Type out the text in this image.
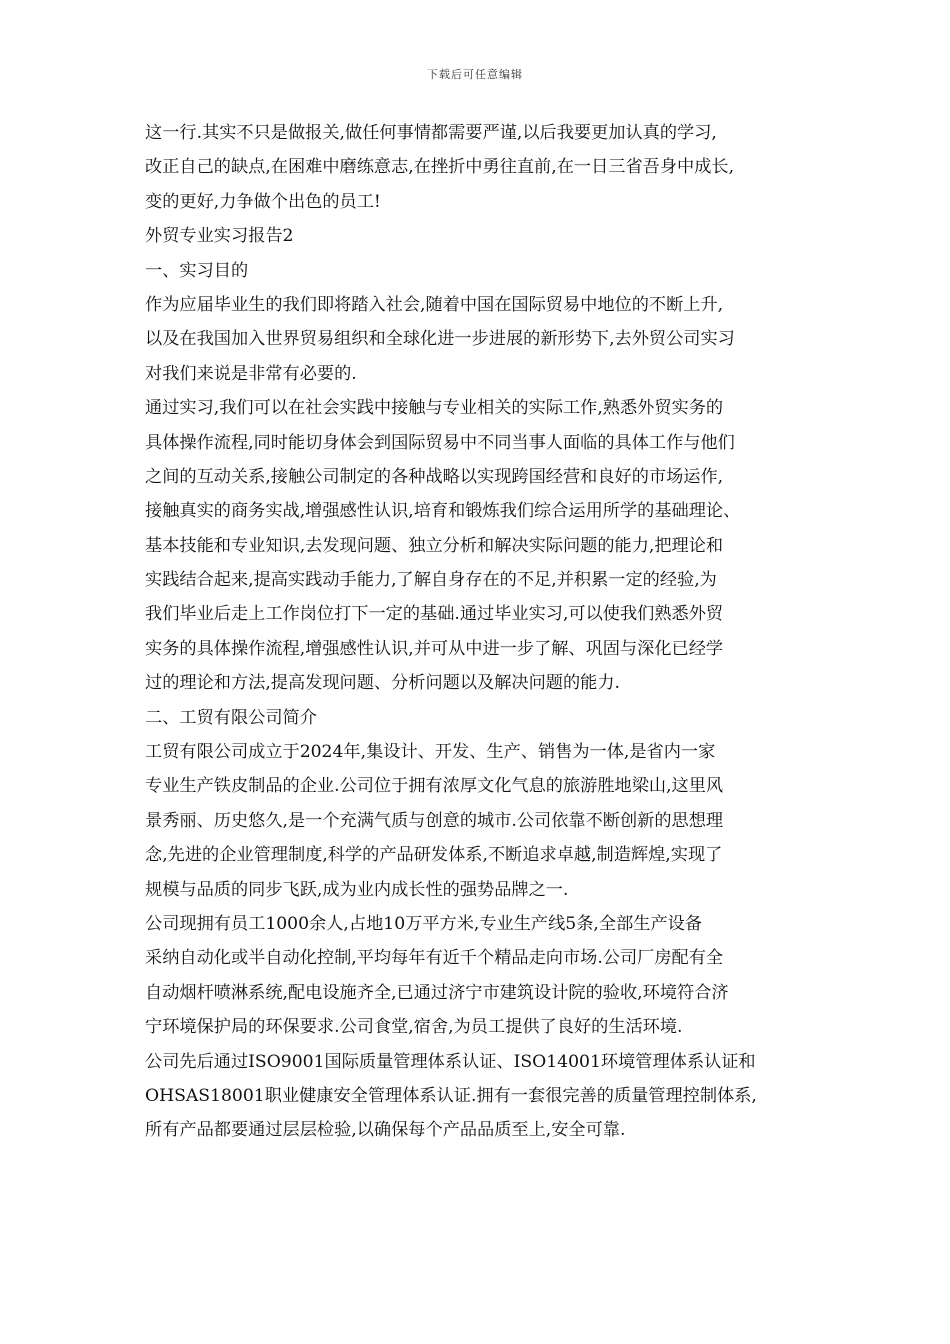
下载后可任意编辑
这一行.其实不只是做报关,做任何事情都需要严谨,以后我要更加认真的学习,
改正自己的缺点,在困难中磨练意志,在挫折中勇往直前,在一日三省吾身中成长,
变的更好,力争做个出色的员工!
外贸专业实习报告2
一、实习目的
作为应届毕业生的我们即将踏入社会,随着中国在国际贸易中地位的不断上升,
以及在我国加入世界贸易组织和全球化进一步进展的新形势下,去外贸公司实习
对我们来说是非常有必要的.
通过实习,我们可以在社会实践中接触与专业相关的实际工作,熟悉外贸实务的
具体操作流程,同时能切身体会到国际贸易中不同当事人面临的具体工作与他们
之间的互动关系,接触公司制定的各种战略以实现跨国经营和良好的市场运作,
接触真实的商务实战,增强感性认识,培育和锻炼我们综合运用所学的基础理论、
基本技能和专业知识,去发现问题、独立分析和解决实际问题的能力,把理论和
实践结合起来,提高实践动手能力,了解自身存在的不足,并积累一定的经验,为
我们毕业后走上工作岗位打下一定的基础.通过毕业实习,可以使我们熟悉外贸
实务的具体操作流程,增强感性认识,并可从中进一步了解、巩固与深化已经学
过的理论和方法,提高发现问题、分析问题以及解决问题的能力.
二、工贸有限公司简介
工贸有限公司成立于2024年,集设计、开发、生产、销售为一体,是省内一家
专业生产铁皮制品的企业.公司位于拥有浓厚文化气息的旅游胜地梁山,这里风
景秀丽、历史悠久,是一个充满气质与创意的城市.公司依靠不断创新的思想理
念,先进的企业管理制度,科学的产品研发体系,不断追求卓越,制造辉煌,实现了
规模与品质的同步飞跃,成为业内成长性的强势品牌之一.
公司现拥有员工1000余人,占地10万平方米,专业生产线5条,全部生产设备
采纳自动化或半自动化控制,平均每年有近千个精品走向市场.公司厂房配有全
自动烟杆喷淋系统,配电设施齐全,已通过济宁市建筑设计院的验收,环境符合济
宁环境保护局的环保要求.公司食堂,宿舍,为员工提供了良好的生活环境.
公司先后通过ISO9001国际质量管理体系认证、ISO14001环境管理体系认证和
OHSAS18001职业健康安全管理体系认证.拥有一套很完善的质量管理控制体系,
所有产品都要通过层层检验,以确保每个产品品质至上,安全可靠.
